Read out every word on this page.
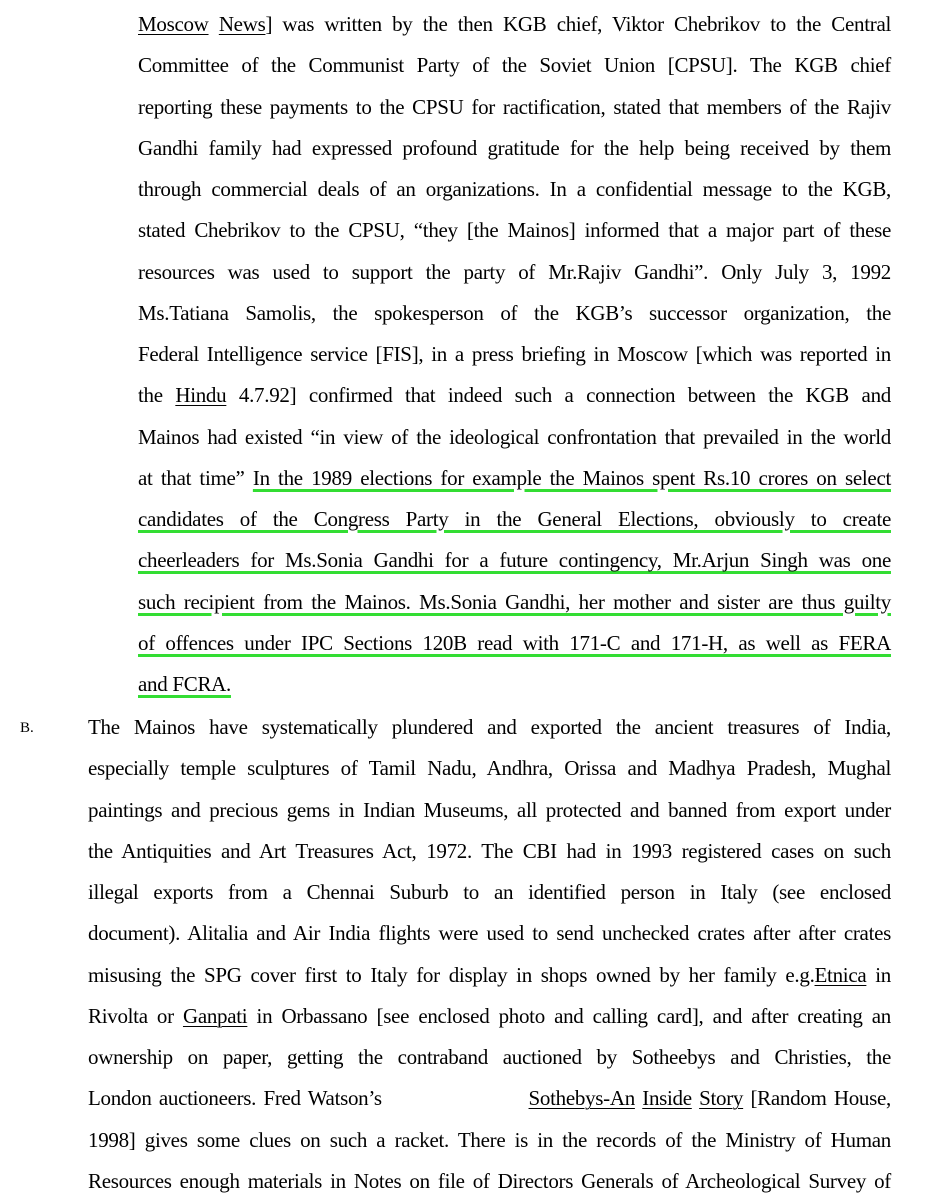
Moscow News] was written by the then KGB chief, Viktor Chebrikov to the Central
Committee of the Communist Party of the Soviet Union [CPSU]. The KGB chief
reporting these payments to the CPSU for ractification, stated that members of the Rajiv
Gandhi family had expressed profound gratitude for the help being received by them
through commercial deals of an organizations. In a confidential message to the KGB,
stated Chebrikov to the CPSU, “they [the Mainos] informed that a major part of these
resources was used to support the party of Mr.Rajiv Gandhi”. Only July 3, 1992
Ms.Tatiana Samolis, the spokesperson of the KGB’s successor organization, the
Federal Intelligence service [FIS], in a press briefing in Moscow [which was reported in
the Hindu 4.7.92] confirmed that indeed such a connection between the KGB and
Mainos had existed “in view of the ideological confrontation that prevailed in the world
at that time” In the 1989 elections for example the Mainos spent Rs.10 crores on select
candidates of the Congress Party in the General Elections, obviously to create
cheerleaders for Ms.Sonia Gandhi for a future contingency, Mr.Arjun Singh was one
such recipient from the Mainos. Ms.Sonia Gandhi, her mother and sister are thus guilty
of offences under IPC Sections 120B read with 171-C and 171-H, as well as FERA
and FCRA.
B.	The Mainos have systematically plundered and exported the ancient treasures of India,
especially temple sculptures of Tamil Nadu, Andhra, Orissa and Madhya Pradesh, Mughal
paintings and precious gems in Indian Museums, all protected and banned from export under
the Antiquities and Art Treasures Act, 1972. The CBI had in 1993 registered cases on such
illegal exports from a Chennai Suburb to an identified person in Italy (see enclosed
document). Alitalia and Air India flights were used to send unchecked crates after after crates
misusing the SPG cover first to Italy for display in shops owned by her family e.g.Etnica in
Rivolta or Ganpati in Orbassano [see enclosed photo and calling card], and after creating an
ownership on paper, getting the contraband auctioned by Sotheebys and Christies, the
London auctioneers. Fred Watson’s	Sothebys-An Inside Story [Random House,
1998] gives some clues on such a racket. There is in the records of the Ministry of Human
Resources enough materials in Notes on file of Directors Generals of Archeological Survey of
